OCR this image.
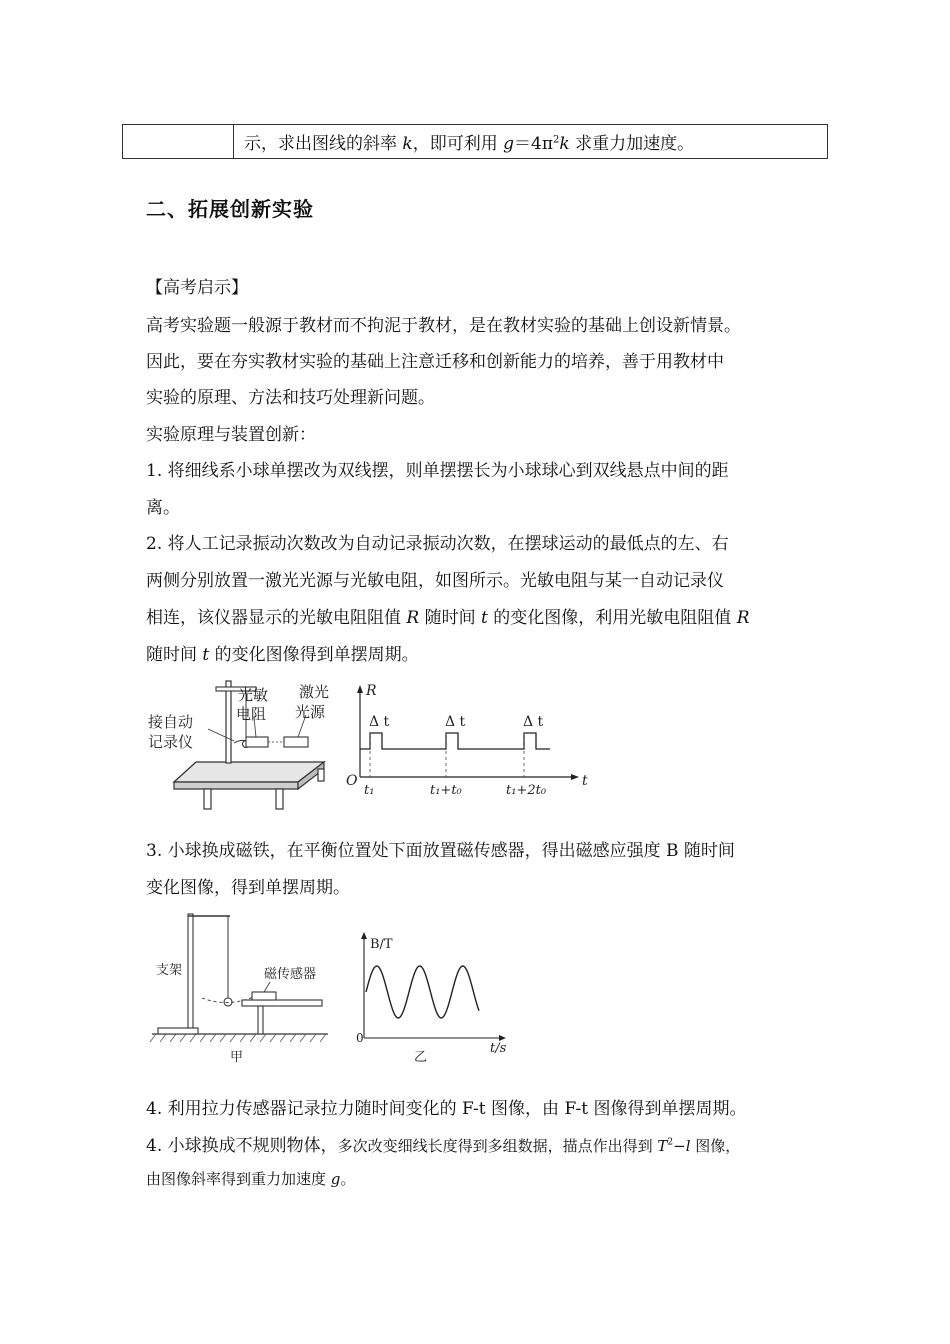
	示，求出图线的斜率 k，即可利用 $g=4\pi^2k$ 求重力加速度。
二、拓展创新实验
【高考启示】
高考实验题一般源于教材而不拘泥于教材，是在教材实验的基础上创设新情景。
因此，要在夯实教材实验的基础上注意迁移和创新能力的培养，善于用教材中
实验的原理、方法和技巧处理新问题。
实验原理与装置创新：
1. 将细线系小球单摆改为双线摆，则单摆摆长为小球球心到双线悬点中间的距
离。
2. 将人工记录振动次数改为自动记录振动次数，在摆球运动的最低点的左、右
两侧分别放置一激光光源与光敏电阻，如图所示。光敏电阻与某一自动记录仪
相连，该仪器显示的光敏电阻阻值 R 随时间 t 的变化图像，利用光敏电阻阻值 R
随时间 t 的变化图像得到单摆周期。
接自动
记录仪
光敏
电阻
激光
光源
R
t
O
Δ t	Δ t	Δ t
t₁	t₁+t₀	t₁+2t₀
3. 小球换成磁铁，在平衡位置处下面放置磁传感器，得出磁感应强度 B 随时间
变化图像，得到单摆周期。
支架	磁传感器
甲
B/T
t/s
0
乙
4. 利用拉力传感器记录拉力随时间变化的 F-t 图像，由 F-t 图像得到单摆周期。
4. 小球换成不规则物体，多次改变细线长度得到多组数据，描点作出得到 $T^2-l$ 图像，
由图像斜率得到重力加速度 g。
